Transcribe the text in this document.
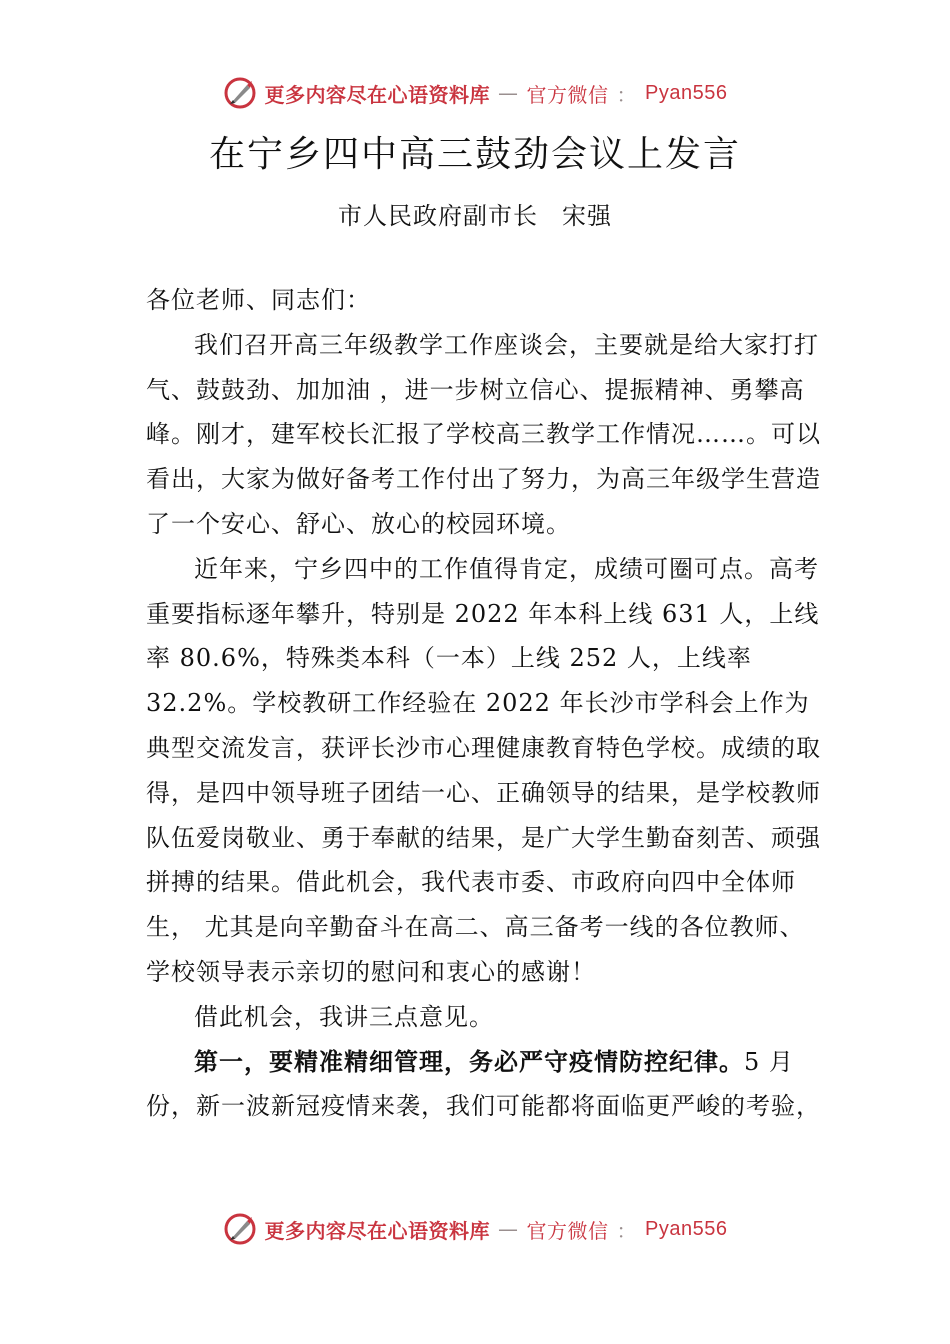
更多内容尽在心语资料库 — 官方微信 ： Pyan556
在宁乡四中高三鼓劲会议上发言
市人民政府副市长 宋强

各位老师、同志们：

我们召开高三年级教学工作座谈会，主要就是给大家打打气、鼓鼓劲、加加油 ，进一步树立信心、提振精神、勇攀高峰。刚才，建军校长汇报了学校高三教学工作情况……。可以看出，大家为做好备考工作付出了努力，为高三年级学生营造了一个安心、舒心、放心的校园环境。

近年来，宁乡四中的工作值得肯定，成绩可圈可点。高考重要指标逐年攀升，特别是 2022 年本科上线 631 人，上线率 80.6%，特殊类本科（一本）上线 252 人，上线率32.2%。学校教研工作经验在 2022 年长沙市学科会上作为典型交流发言，获评长沙市心理健康教育特色学校。成绩的取得，是四中领导班子团结一心、正确领导的结果，是学校教师队伍爱岗敬业、勇于奉献的结果，是广大学生勤奋刻苦、顽强拼搏的结果。借此机会，我代表市委、市政府向四中全体师生， 尤其是向辛勤奋斗在高二、高三备考一线的各位教师、学校领导表示亲切的慰问和衷心的感谢！

借此机会，我讲三点意见。

第一，要精准精细管理，务必严守疫情防控纪律。5 月份，新一波新冠疫情来袭，我们可能都将面临更严峻的考验，

更多内容尽在心语资料库 — 官方微信 ： Pyan556
